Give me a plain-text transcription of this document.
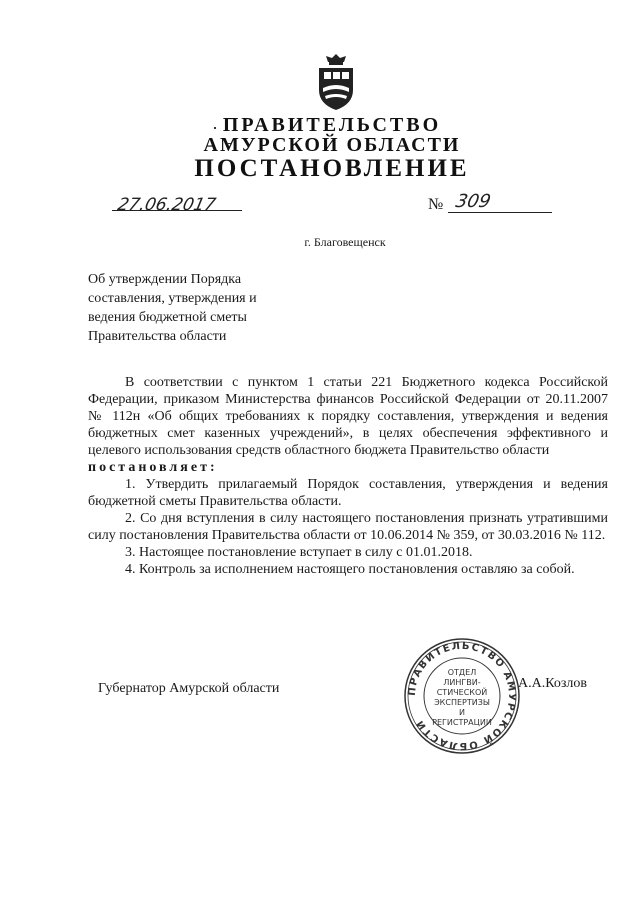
ПРАВИТЕЛЬСТВО
АМУРСКОЙ ОБЛАСТИ
ПОСТАНОВЛЕНИЕ
27.06.2017	№ 309
г. Благовещенск
Об утверждении Порядка
составления, утверждения и
ведения бюджетной сметы
Правительства области

В соответствии с пунктом 1 статьи 221 Бюджетного кодекса Российской Федерации, приказом Министерства финансов Российской Федерации от 20.11.2007 № 112н «Об общих требованиях к порядку составления, утверждения и ведения бюджетных смет казенных учреждений», в целях обеспечения эффективного и целевого использования средств областного бюджета Правительство области

постановляет:

1. Утвердить прилагаемый Порядок составления, утверждения и ведения бюджетной сметы Правительства области.

2. Со дня вступления в силу настоящего постановления признать утратившими силу постановления Правительства области от 10.06.2014 № 359, от 30.03.2016 № 112.

3. Настоящее постановление вступает в силу с 01.01.2018.

4. Контроль за исполнением настоящего постановления оставляю за собой.

Губернатор Амурской области	А.А.Козлов
ПРАВИТЕЛЬСТВО АМУРСКОЙ ОБЛАСТИ
ОТДЕЛ
ЛИНГВИ-
СТИЧЕСКОЙ
ЭКСПЕРТИЗЫ И
РЕГИСТРАЦИИ
